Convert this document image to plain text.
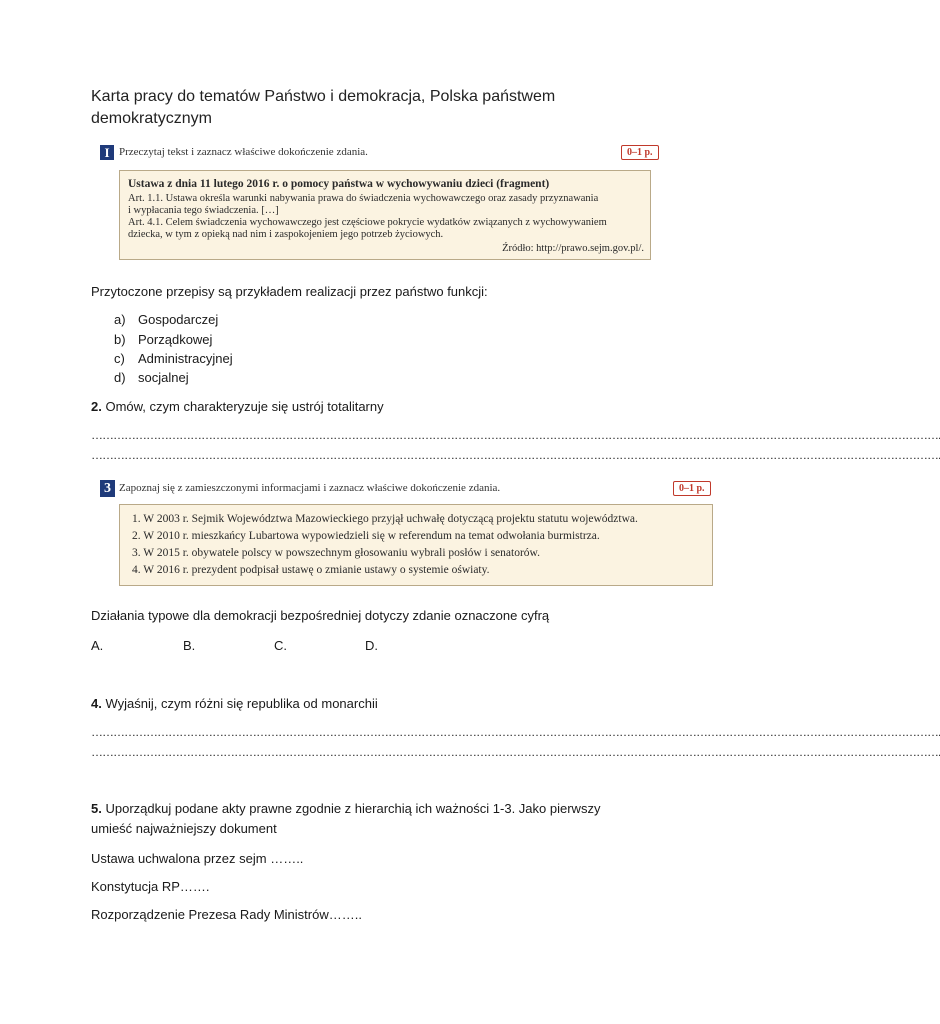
Karta pracy do tematów Państwo i demokracja, Polska państwem demokratycznym
I Przeczytaj tekst i zaznacz właściwe dokończenie zdania.	0–1 p.
Ustawa z dnia 11 lutego 2016 r. o pomocy państwa w wychowywaniu dzieci (fragment)
Art. 1.1. Ustawa określa warunki nabywania prawa do świadczenia wychowawczego oraz zasady przyznawania
i wypłacania tego świadczenia. […]
Art. 4.1. Celem świadczenia wychowawczego jest częściowe pokrycie wydatków związanych z wychowywaniem
dziecka, w tym z opieką nad nim i zaspokojeniem jego potrzeb życiowych.
Źródło: http://prawo.sejm.gov.pl/.
Przytoczone przepisy są przykładem realizacji przez państwo funkcji:
a) Gospodarczej
b) Porządkowej
c) Administracyjnej
d) socjalnej
2. Omów, czym charakteryzuje się ustrój totalitarny
…………………………………………………………………………………………………………………………………………………………………………………………………………….
…………………………………………………………………………………………………………………………………………………………………………………………………………….
3 Zapoznaj się z zamieszczonymi informacjami i zaznacz właściwe dokończenie zdania.	0–1 p.
1. W 2003 r. Sejmik Województwa Mazowieckiego przyjął uchwałę dotyczącą projektu statutu województwa.
2. W 2010 r. mieszkańcy Lubartowa wypowiedzieli się w referendum na temat odwołania burmistrza.
3. W 2015 r. obywatele polscy w powszechnym głosowaniu wybrali posłów i senatorów.
4. W 2016 r. prezydent podpisał ustawę o zmianie ustawy o systemie oświaty.
Działania typowe dla demokracji bezpośredniej dotyczy zdanie oznaczone cyfrą
A.	B.	C.	D.
4. Wyjaśnij, czym różni się republika od monarchii
…………………………………………………………………………………………………………………………………………………………………………………………………………….
…………………………………………………………………………………………………………………………………………………………………………………………………………….
5. Uporządkuj podane akty prawne zgodnie z hierarchią ich ważności 1-3. Jako pierwszy
umieść najważniejszy dokument
Ustawa uchwalona przez sejm ……..
Konstytucja RP…….
Rozporządzenie Prezesa Rady Ministrów……..
